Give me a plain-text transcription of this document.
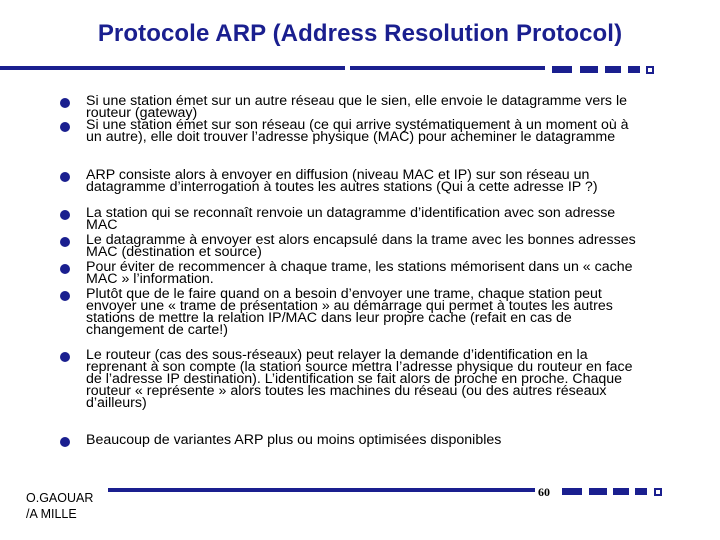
Protocole ARP (Address Resolution Protocol)
Si une station émet sur un autre réseau que le sien, elle envoie le datagramme vers le routeur (gateway)
Si une station émet sur son réseau (ce qui arrive systématiquement à un moment où à un autre), elle doit trouver l’adresse physique (MAC) pour acheminer le datagramme
ARP consiste alors à envoyer en diffusion (niveau MAC et IP) sur son réseau un datagramme d’interrogation à toutes les autres stations (Qui a cette adresse IP ?)
La station qui se reconnaît renvoie un datagramme d’identification avec son adresse MAC
Le datagramme à envoyer est alors encapsulé dans la trame avec les bonnes adresses MAC (destination et source)
Pour éviter de recommencer à chaque trame, les stations mémorisent dans un « cache MAC » l’information.
Plutôt que de le faire quand on a besoin d’envoyer une trame, chaque station peut envoyer une « trame de présentation » au démarrage qui permet à toutes les autres stations de mettre la relation IP/MAC dans leur propre cache (refait en cas de changement de carte!)
Le routeur (cas des sous-réseaux) peut relayer la demande d’identification en la reprenant à son compte (la station source mettra l’adresse physique du routeur en face de l’adresse IP destination). L’identification se fait alors de proche en proche. Chaque routeur « représente » alors toutes les machines du réseau (ou des autres réseaux d’ailleurs)
Beaucoup de variantes ARP plus ou moins optimisées disponibles
60
O.GAOUAR
/A MILLE
